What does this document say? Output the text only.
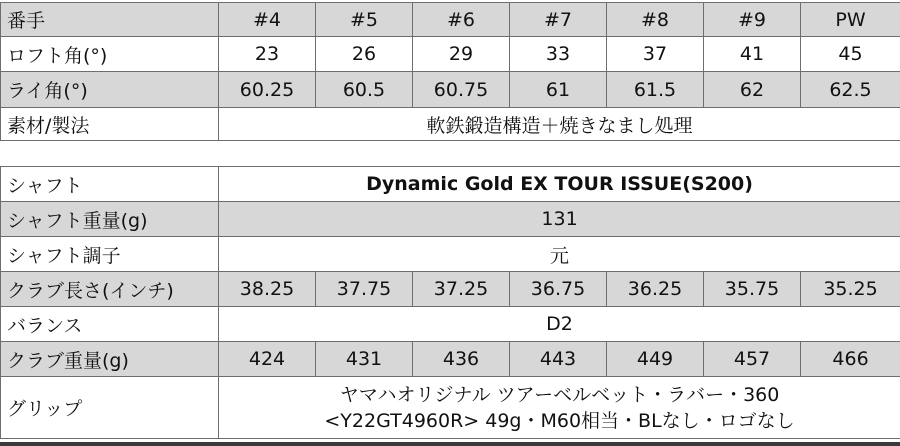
番手	#4	#5	#6	#7	#8	#9	PW
ロフト角(°)	23	26	29	33	37	41	45
ライ角(°)	60.25	60.5	60.75	61	61.5	62	62.5
素材/製法	軟鉄鍛造構造＋焼きなまし処理						
シャフト	Dynamic Gold EX TOUR ISSUE(S200)						
シャフト重量(g)	131						
シャフト調子	元						
クラブ長さ(インチ)	38.25	37.75	37.25	36.75	36.25	35.75	35.25
バランス	D2						
クラブ重量(g)	424	431	436	443	449	457	466
グリップ	ヤマハオリジナル ツアーベルベット・ラバー・360
<Y22GT4960R> 49g・M60相当・BLなし・ロゴなし						
